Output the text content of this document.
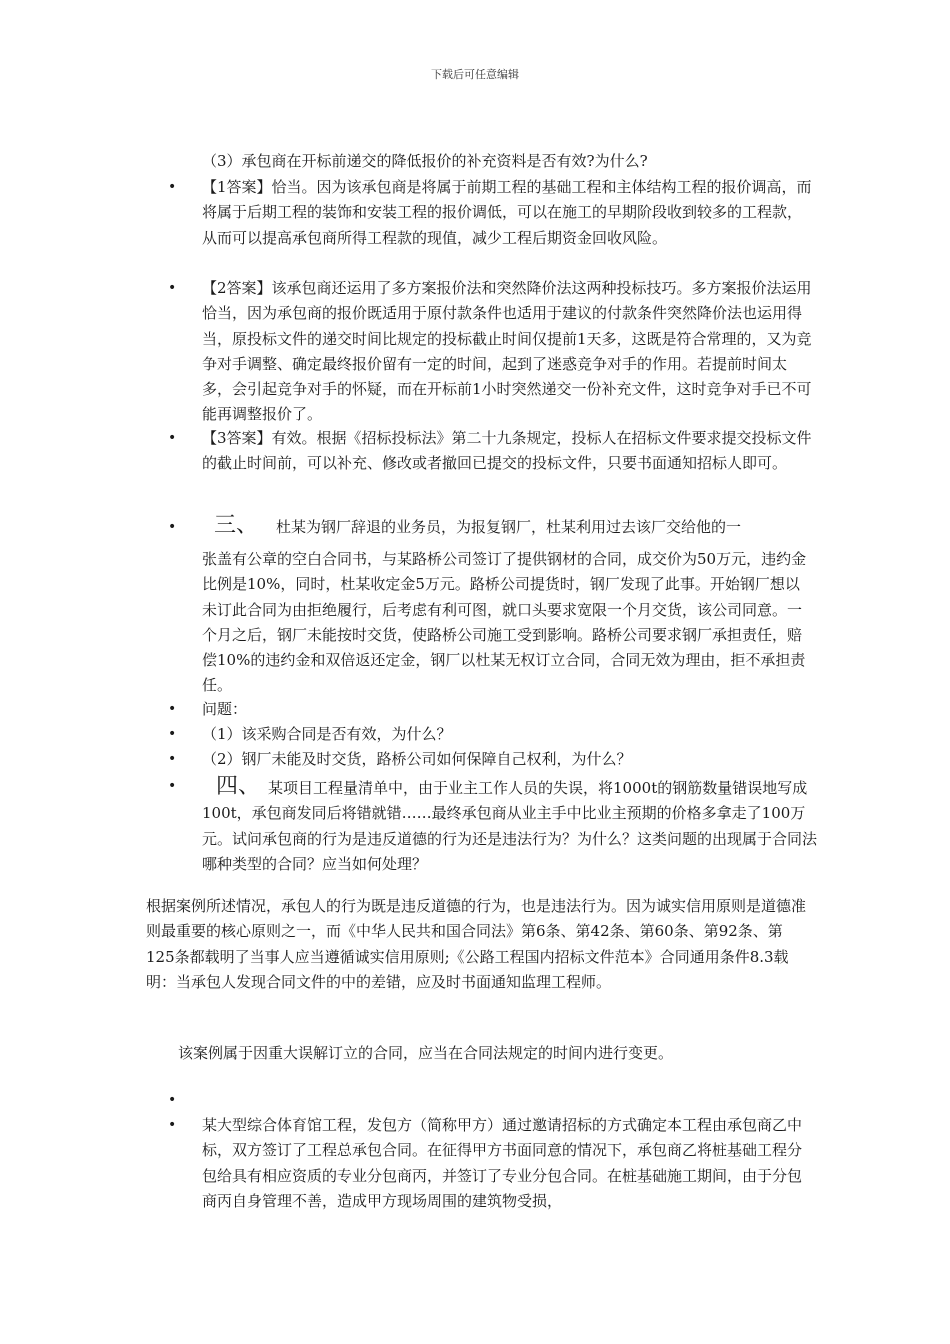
下载后可任意编辑

（3）承包商在开标前递交的降低报价的补充资料是否有效?为什么?

• 【1答案】恰当。因为该承包商是将属于前期工程的基础工程和主体结构工程的报价调高，而将属于后期工程的装饰和安装工程的报价调低，可以在施工的早期阶段收到较多的工程款，从而可以提高承包商所得工程款的现值，减少工程后期资金回收风险。
• 【2答案】该承包商还运用了多方案报价法和突然降价法这两种投标技巧。多方案报价法运用恰当，因为承包商的报价既适用于原付款条件也适用于建议的付款条件突然降价法也运用得当，原投标文件的递交时间比规定的投标截止时间仅提前1天多，这既是符合常理的，又为竞争对手调整、确定最终报价留有一定的时间，起到了迷惑竞争对手的作用。若提前时间太多，会引起竞争对手的怀疑，而在开标前1小时突然递交一份补充文件，这时竞争对手已不可能再调整报价了。
• 【3答案】有效。根据《招标投标法》第二十九条规定，投标人在招标文件要求提交投标文件的截止时间前，可以补充、修改或者撤回已提交的投标文件，只要书面通知招标人即可。
• 三、 杜某为钢厂辞退的业务员，为报复钢厂，杜某利用过去该厂交给他的一
张盖有公章的空白合同书，与某路桥公司签订了提供钢材的合同，成交价为50万元，违约金比例是10%，同时，杜某收定金5万元。路桥公司提货时，钢厂发现了此事。开始钢厂想以未订此合同为由拒绝履行，后考虑有利可图，就口头要求宽限一个月交货，该公司同意。一个月之后，钢厂未能按时交货，使路桥公司施工受到影响。路桥公司要求钢厂承担责任，赔偿10%的违约金和双倍返还定金，钢厂以杜某无权订立合同，合同无效为理由，拒不承担责任。
• 问题：
• （1）该采购合同是否有效，为什么？
• （2）钢厂未能及时交货，路桥公司如何保障自己权利，为什么？
•	四、 某项目工程量清单中，由于业主工作人员的失误，将1000t的钢筋数量错误地写成100t，承包商发同后将错就错……最终承包商从业主手中比业主预期的价格多拿走了100万元。试问承包商的行为是违反道德的行为还是违法行为？为什么？这类问题的出现属于合同法哪种类型的合同？应当如何处理？

根据案例所述情况，承包人的行为既是违反道德的行为，也是违法行为。因为诚实信用原则是道德准则最重要的核心原则之一，而《中华人民共和国合同法》第6条、第42条、第60条、第92条、第125条都载明了当事人应当遵循诚实信用原则;《公路工程国内招标文件范本》合同通用条件8.3载明：当承包人发现合同文件的中的差错，应及时书面通知监理工程师。

该案例属于因重大误解订立的合同，应当在合同法规定的时间内进行变更。

•
• 某大型综合体育馆工程，发包方（简称甲方）通过邀请招标的方式确定本工程由承包商乙中标，双方签订了工程总承包合同。在征得甲方书面同意的情况下，承包商乙将桩基础工程分包给具有相应资质的专业分包商丙，并签订了专业分包合同。在桩基础施工期间，由于分包商丙自身管理不善，造成甲方现场周围的建筑物受损，
